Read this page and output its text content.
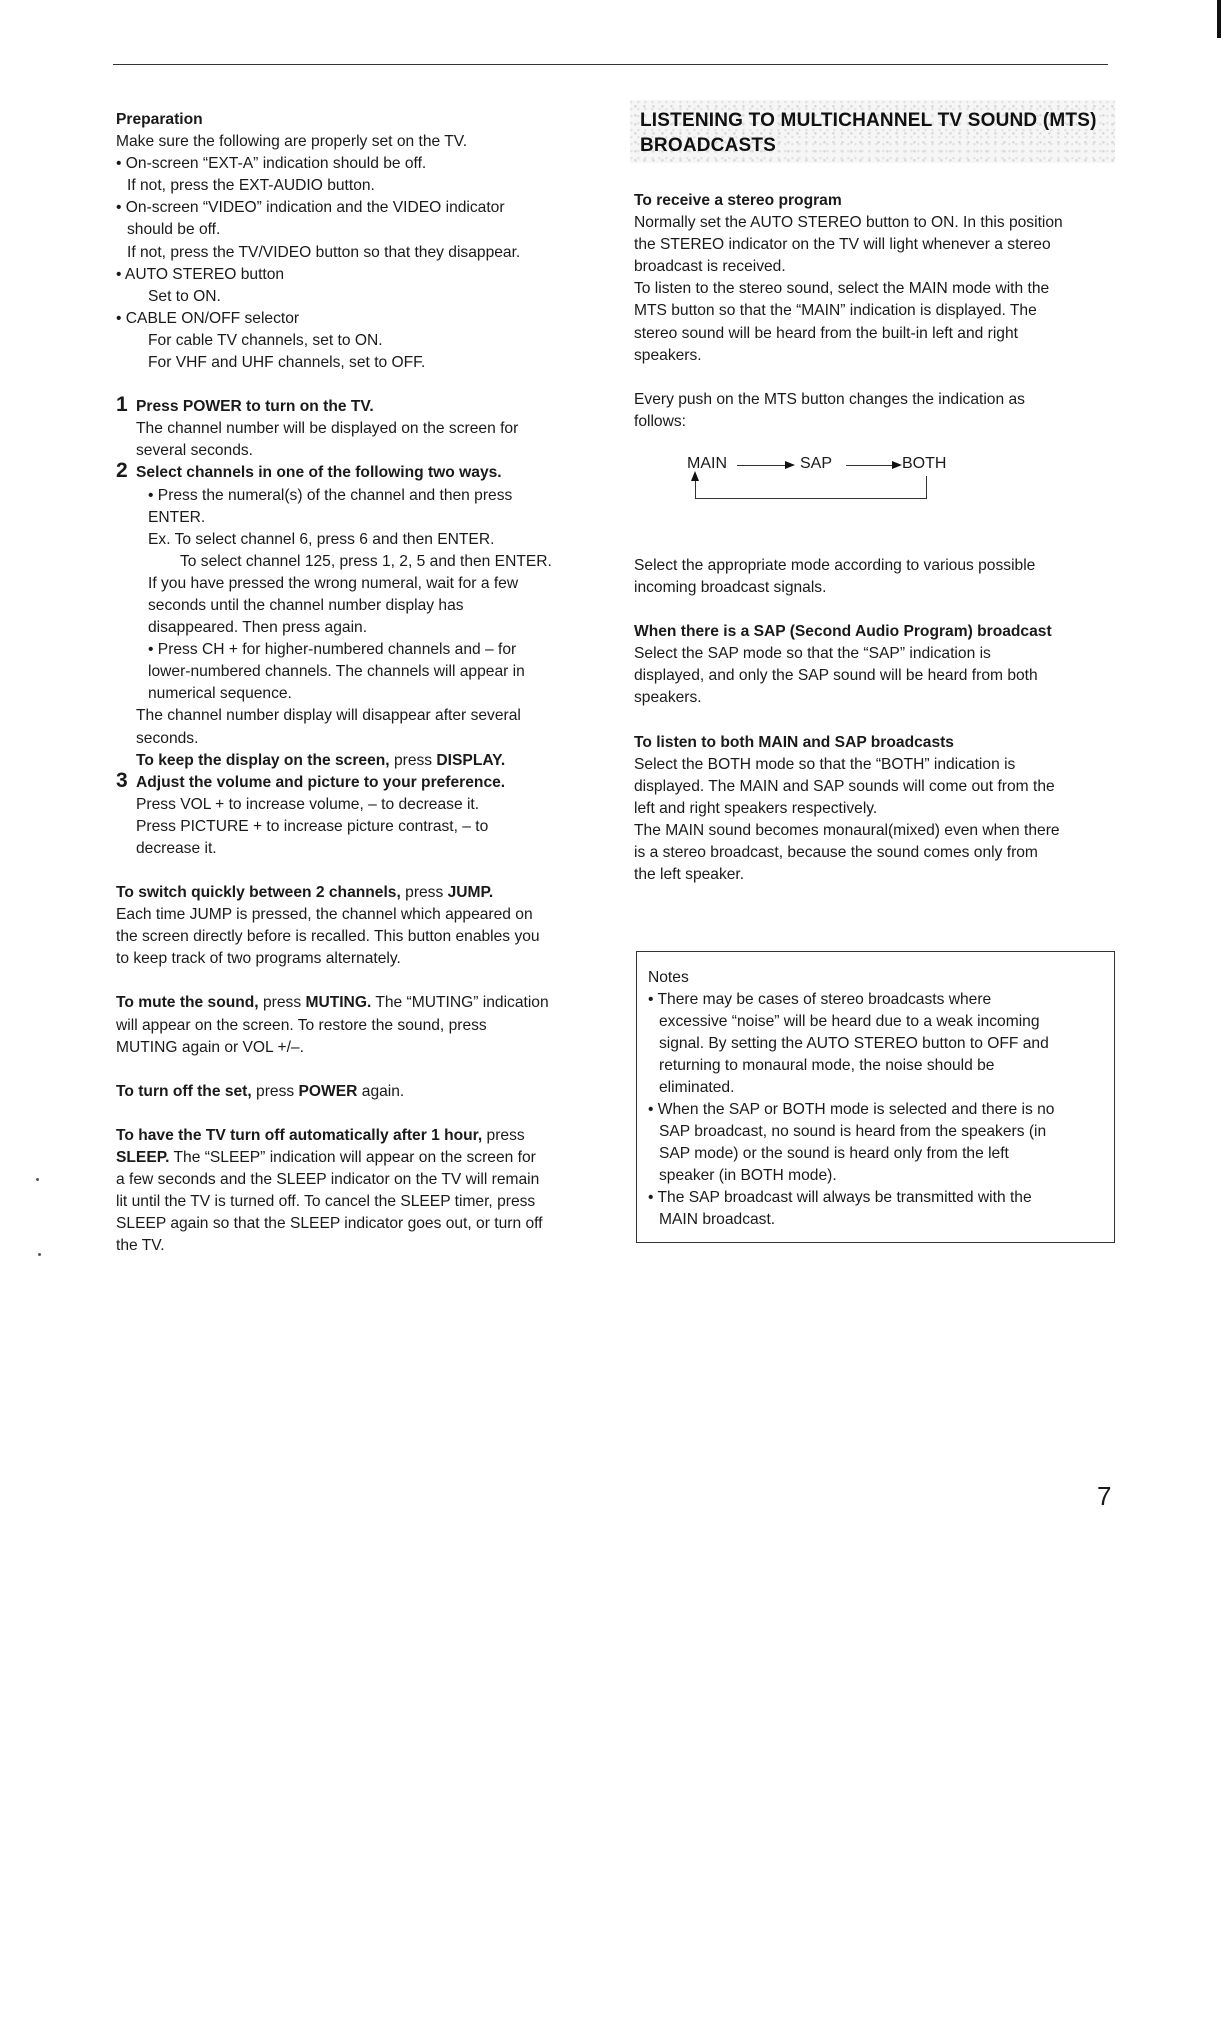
Preparation

Make sure the following are properly set on the TV.

• On-screen “EXT-A” indication should be off.

If not, press the EXT-AUDIO button.

• On-screen “VIDEO” indication and the VIDEO indicator

should be off.

If not, press the TV/VIDEO button so that they disappear.

• AUTO STEREO button

Set to ON.

• CABLE ON/OFF selector

For cable TV channels, set to ON.

For VHF and UHF channels, set to OFF.

1 Press POWER to turn on the TV.

The channel number will be displayed on the screen for

several seconds.

2 Select channels in one of the following two ways.

• Press the numeral(s) of the channel and then press

ENTER.

Ex. To select channel 6, press 6 and then ENTER.

To select channel 125, press 1, 2, 5 and then ENTER.

If you have pressed the wrong numeral, wait for a few

seconds until the channel number display has

disappeared. Then press again.

• Press CH + for higher-numbered channels and – for

lower-numbered channels. The channels will appear in

numerical sequence.

The channel number display will disappear after several

seconds.

To keep the display on the screen, press DISPLAY.

3 Adjust the volume and picture to your preference.

Press VOL + to increase volume, – to decrease it.

Press PICTURE + to increase picture contrast, – to

decrease it.

To switch quickly between 2 channels, press JUMP.

Each time JUMP is pressed, the channel which appeared on

the screen directly before is recalled. This button enables you

to keep track of two programs alternately.

To mute the sound, press MUTING. The “MUTING” indication

will appear on the screen. To restore the sound, press

MUTING again or VOL +/–.

To turn off the set, press POWER again.

To have the TV turn off automatically after 1 hour, press

SLEEP. The “SLEEP” indication will appear on the screen for

a few seconds and the SLEEP indicator on the TV will remain

lit until the TV is turned off. To cancel the SLEEP timer, press

SLEEP again so that the SLEEP indicator goes out, or turn off

the TV.

LISTENING TO MULTICHANNEL TV SOUND (MTS)
BROADCASTS

To receive a stereo program

Normally set the AUTO STEREO button to ON. In this position

the STEREO indicator on the TV will light whenever a stereo

broadcast is received.

To listen to the stereo sound, select the MAIN mode with the

MTS button so that the “MAIN” indication is displayed. The

stereo sound will be heard from the built-in left and right

speakers.

Every push on the MTS button changes the indication as

follows:

MAIN	SAP	BOTH

Select the appropriate mode according to various possible

incoming broadcast signals.

When there is a SAP (Second Audio Program) broadcast

Select the SAP mode so that the “SAP” indication is

displayed, and only the SAP sound will be heard from both

speakers.

To listen to both MAIN and SAP broadcasts

Select the BOTH mode so that the “BOTH” indication is

displayed. The MAIN and SAP sounds will come out from the

left and right speakers respectively.

The MAIN sound becomes monaural(mixed) even when there

is a stereo broadcast, because the sound comes only from

the left speaker.

Notes

• There may be cases of stereo broadcasts where

excessive “noise” will be heard due to a weak incoming

signal. By setting the AUTO STEREO button to OFF and

returning to monaural mode, the noise should be

eliminated.

• When the SAP or BOTH mode is selected and there is no

SAP broadcast, no sound is heard from the speakers (in

SAP mode) or the sound is heard only from the left

speaker (in BOTH mode).

• The SAP broadcast will always be transmitted with the

MAIN broadcast.

7
